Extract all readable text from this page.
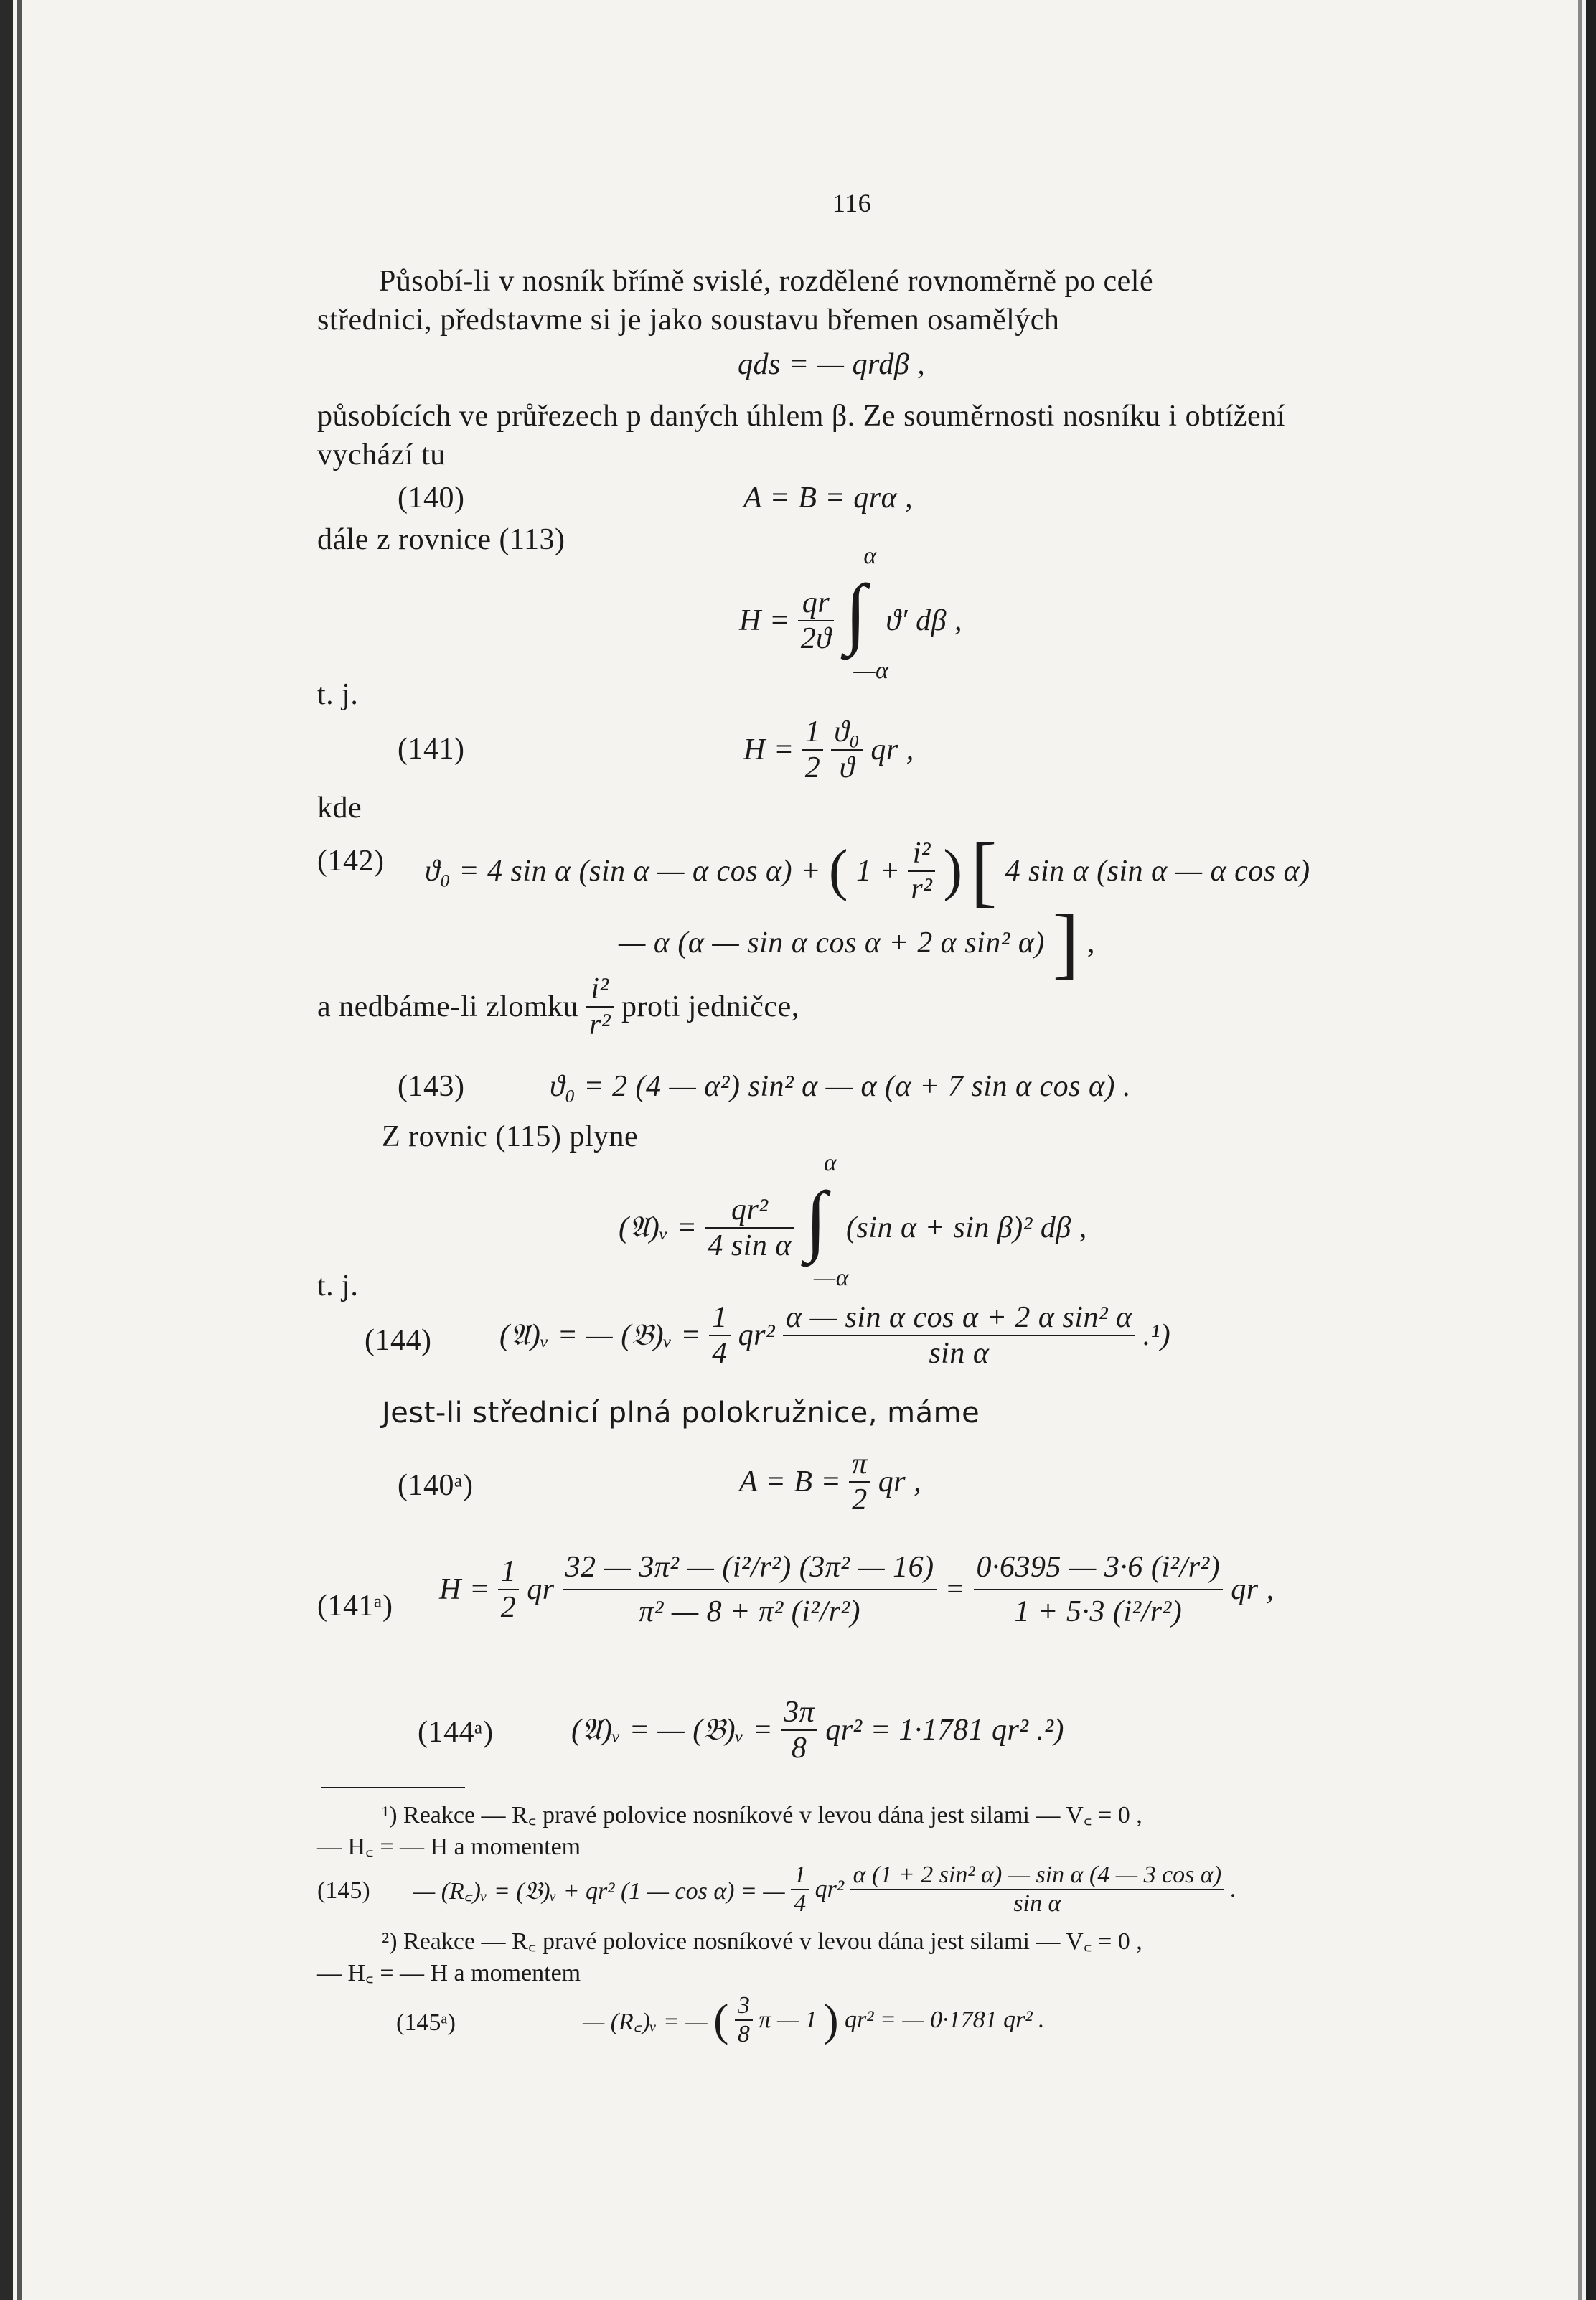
116
Působí-li v nosník břímě svislé, rozdělené rovnoměrně po celé
střednici, představme si je jako soustavu břemen osamělých
qds = — qrdβ ,
působících ve průřezech p daných úhlem β. Ze souměrnosti nosníku i obtížení
vychází tu
(140)	A = B = qrα ,
dále z rovnice (113)
$H = \frac{qr}{2ϑ}$
∫
α
—α
ϑ′ dβ ,
t. j.
(141)	$H = \frac{1}{2}$
$\frac{\text{ϑ₀}}{ϑ}$ qr ,
kde
(142) ϑ₀ = 4 sin α (sin α — α cos α) + ( $1 + \frac{\text{i²}}{\text{r²}}$ ) [ 4 sin α (sin α — α cos α)
— α (α — sin α cos α + 2 α sin² α) ] ,
a nedbáme-li zlomku $\frac{\text{i²}}{\text{r²}}$ proti jedničce,
(143)	ϑ₀ = 2 (4 — α²) sin² α — α (α + 7 sin α cos α) .
Z rovnic (115) plyne
(𝔄)ᵥ = $\frac{\text{qr²}}{\text{4 sin α}}$
∫
α
—α
(sin α + sin β)² dβ ,
t. j.
(144) (𝔄)ᵥ = — (𝔅)ᵥ = $\frac{1}{4} qr^2 \frac{\text{α — sin α cos α + 2 α sin² α}}{\text{sin α}} .^1$)
Jest-li střednicí plná polokružnice, máme
(140ᵃ)	$A = B = \frac{\pi}{2}$ qr ,
(141ᵃ) $H = \frac{1}{2}$ qr $\frac{\text{32 — 3π² — (i²/r²) (3π² — 16)}}{\text{π² — 8 + π² (i²/r²)}} = \frac{\text{0·6395 — 3·6 (i²/r²)}}{\text{1 + 5·3 (i²/r²)}}$ qr ,
(144ᵃ)	(𝔄)ᵥ = — (𝔅)ᵥ = $\frac{3\pi}{8} qr^2 = 1\cdot 1781$ qr² .²)
¹) Reakce — R꜀ pravé polovice nosníkové v levou dána jest silami — V꜀ = 0 ,
— H꜀ = — H a momentem
(145) — (R꜀)ᵥ = (𝔅)ᵥ + qr² (1 — cos α) = — $\frac{1}{4} qr^2 \frac{\text{α (1 + 2 sin² α) — sin α (4 — 3 cos α)}}{\text{sin α}}$ .
²) Reakce — R꜀ pravé polovice nosníkové v levou dána jest silami — V꜀ = 0 ,
— H꜀ = — H a momentem
(145ᵃ)	— (R꜀)ᵥ = — ( $\frac{3}{8}$ π — 1 ) qr² = — 0·1781 qr² .
